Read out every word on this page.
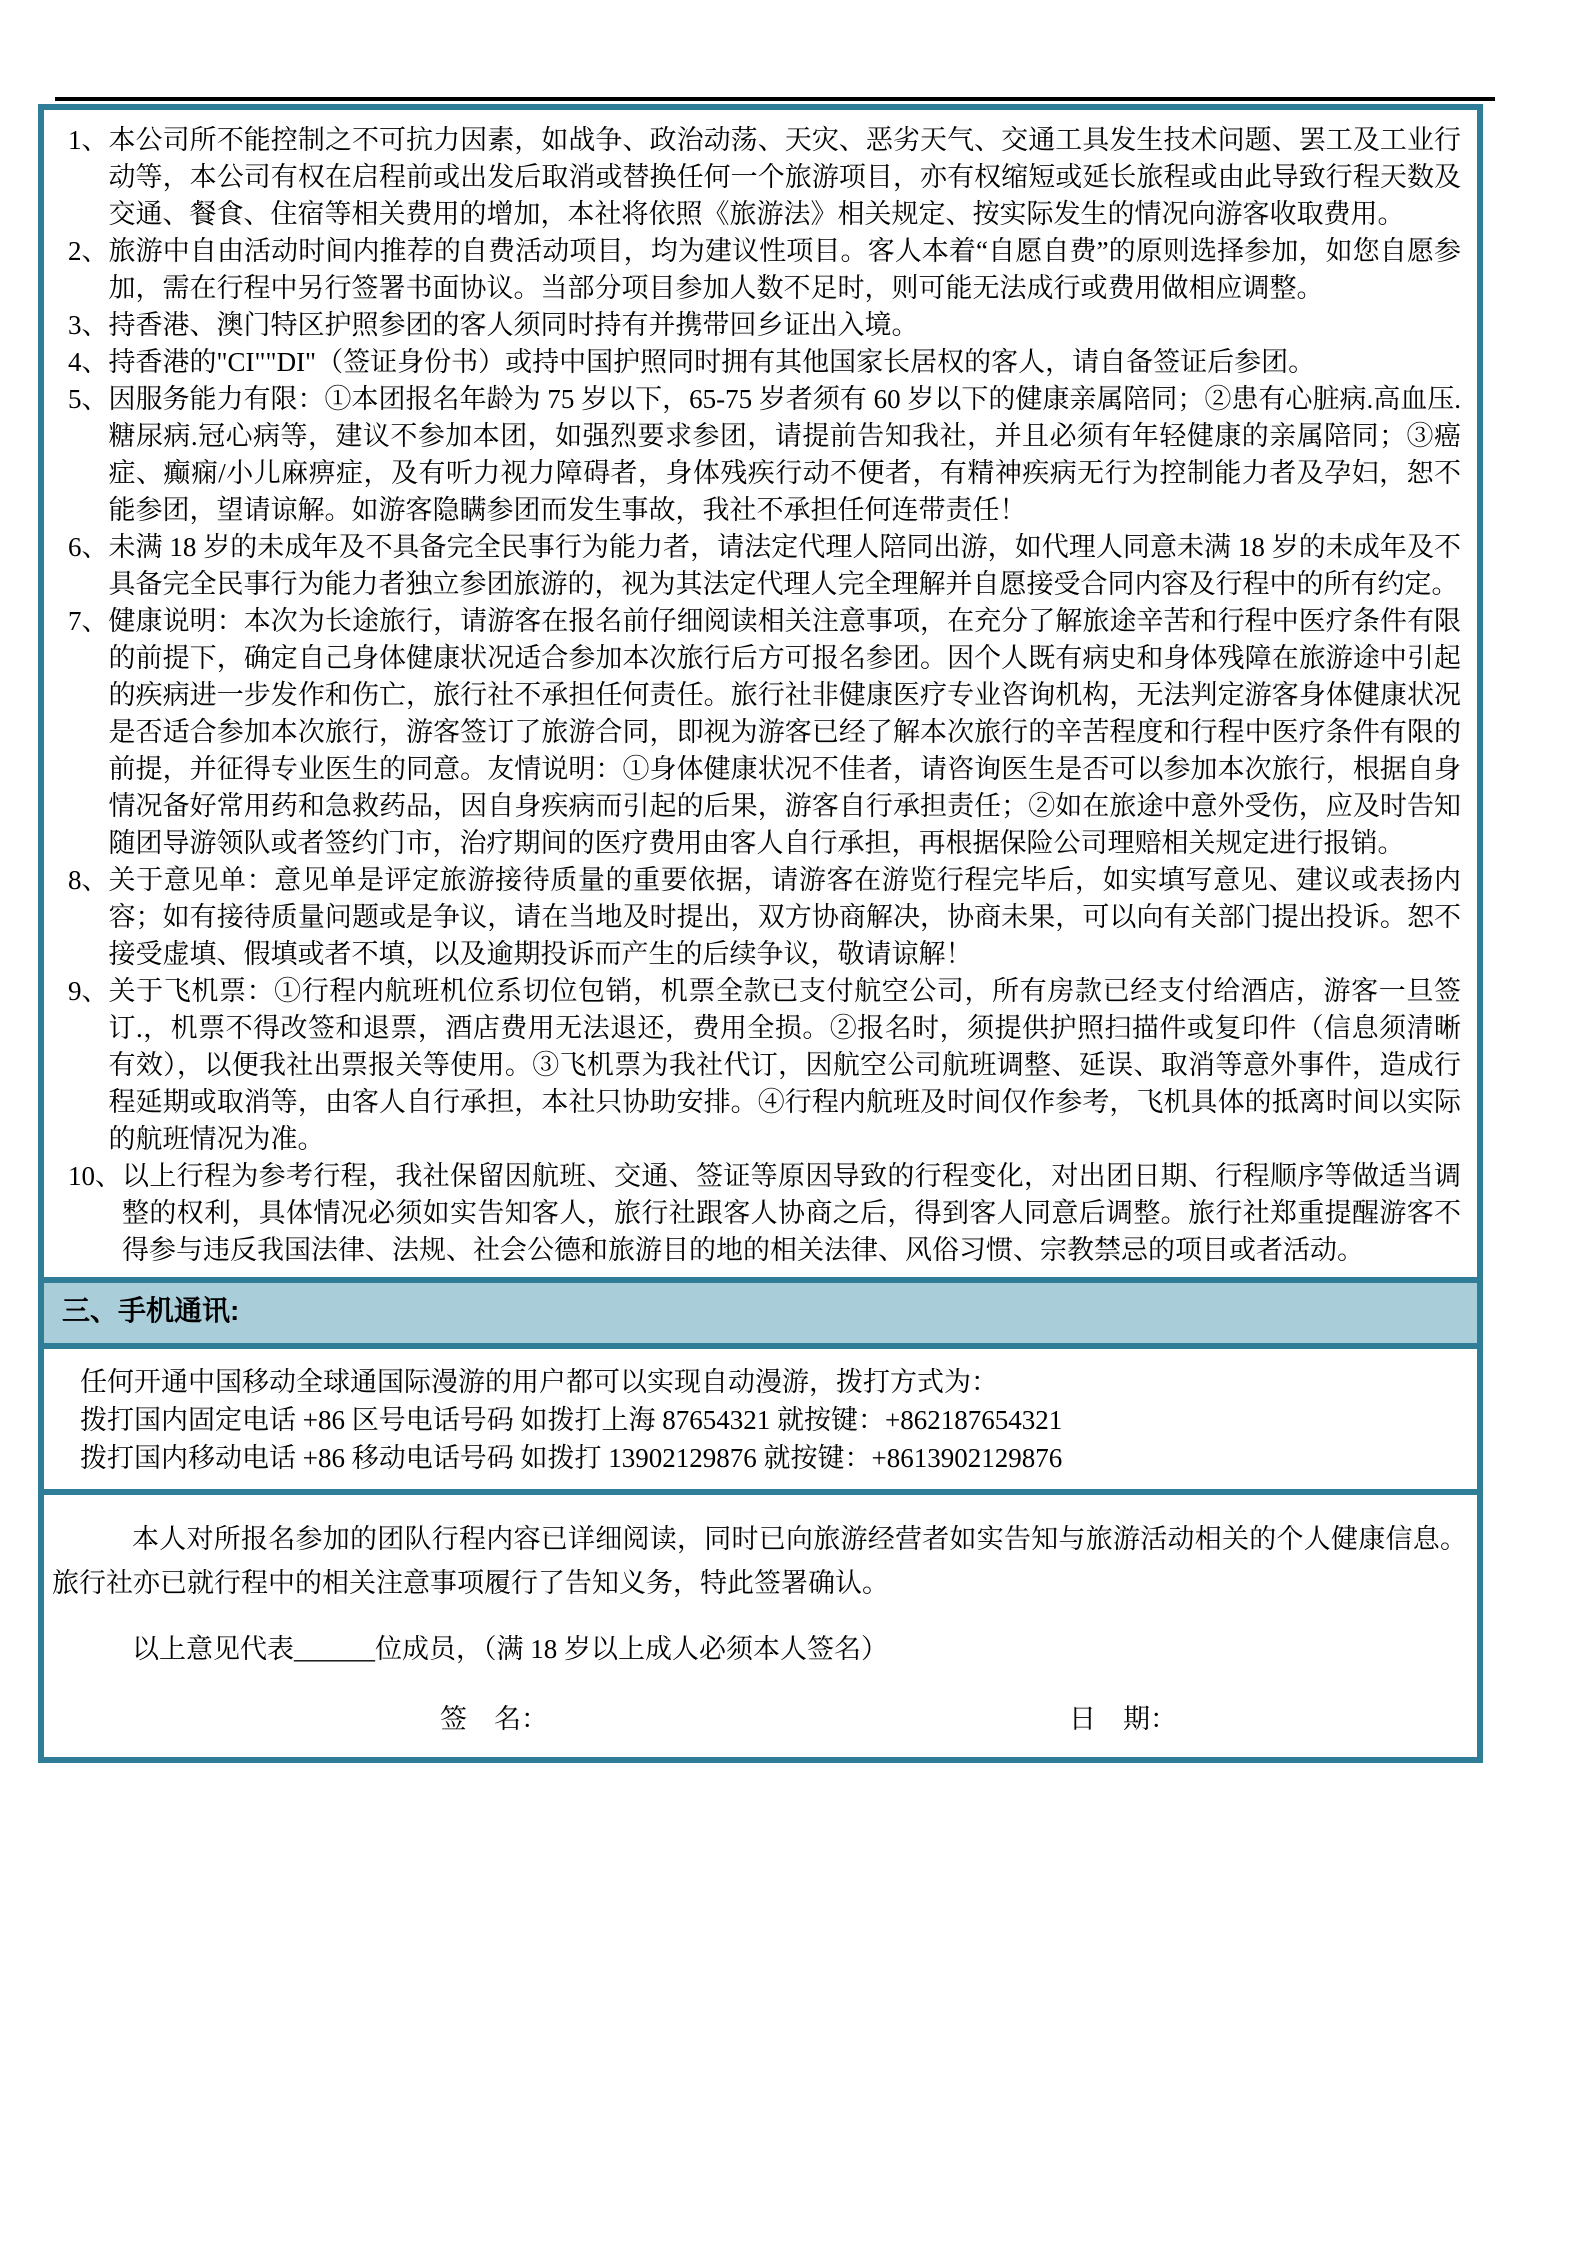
1、 本公司所不能控制之不可抗力因素，如战争、政治动荡、天灾、恶劣天气、交通工具发生技术问题、罢工及工业行动等，本公司有权在启程前或出发后取消或替换任何一个旅游项目，亦有权缩短或延长旅程或由此导致行程天数及交通、餐食、住宿等相关费用的增加，本社将依照《旅游法》相关规定、按实际发生的情况向游客收取费用。
2、 旅游中自由活动时间内推荐的自费活动项目，均为建议性项目。客人本着“自愿自费”的原则选择参加，如您自愿参加，需在行程中另行签署书面协议。当部分项目参加人数不足时，则可能无法成行或费用做相应调整。
3、 持香港、澳门特区护照参团的客人须同时持有并携带回乡证出入境。
4、 持香港的"CI""DI"（签证身份书）或持中国护照同时拥有其他国家长居权的客人，请自备签证后参团。
5、 因服务能力有限：①本团报名年龄为 75 岁以下，65-75 岁者须有 60 岁以下的健康亲属陪同；②患有心脏病.高血压.糖尿病.冠心病等，建议不参加本团，如强烈要求参团，请提前告知我社，并且必须有年轻健康的亲属陪同；③癌症、癫痫/小儿麻痹症，及有听力视力障碍者，身体残疾行动不便者，有精神疾病无行为控制能力者及孕妇，恕不能参团，望请谅解。如游客隐瞒参团而发生事故，我社不承担任何连带责任！
6、 未满 18 岁的未成年及不具备完全民事行为能力者，请法定代理人陪同出游，如代理人同意未满 18 岁的未成年及不具备完全民事行为能力者独立参团旅游的，视为其法定代理人完全理解并自愿接受合同内容及行程中的所有约定。
7、 健康说明：本次为长途旅行，请游客在报名前仔细阅读相关注意事项，在充分了解旅途辛苦和行程中医疗条件有限的前提下，确定自己身体健康状况适合参加本次旅行后方可报名参团。因个人既有病史和身体残障在旅游途中引起的疾病进一步发作和伤亡，旅行社不承担任何责任。旅行社非健康医疗专业咨询机构，无法判定游客身体健康状况是否适合参加本次旅行，游客签订了旅游合同，即视为游客已经了解本次旅行的辛苦程度和行程中医疗条件有限的前提，并征得专业医生的同意。友情说明：①身体健康状况不佳者，请咨询医生是否可以参加本次旅行，根据自身情况备好常用药和急救药品，因自身疾病而引起的后果，游客自行承担责任；②如在旅途中意外受伤，应及时告知随团导游领队或者签约门市，治疗期间的医疗费用由客人自行承担，再根据保险公司理赔相关规定进行报销。
8、 关于意见单：意见单是评定旅游接待质量的重要依据，请游客在游览行程完毕后，如实填写意见、建议或表扬内容；如有接待质量问题或是争议，请在当地及时提出，双方协商解决，协商未果，可以向有关部门提出投诉。恕不接受虚填、假填或者不填，以及逾期投诉而产生的后续争议，敬请谅解！
9、 关于飞机票：①行程内航班机位系切位包销，机票全款已支付航空公司，所有房款已经支付给酒店，游客一旦签订.，机票不得改签和退票，酒店费用无法退还，费用全损。②报名时，须提供护照扫描件或复印件（信息须清晰有效），以便我社出票报关等使用。③飞机票为我社代订，因航空公司航班调整、延误、取消等意外事件，造成行程延期或取消等，由客人自行承担，本社只协助安排。④行程内航班及时间仅作参考，飞机具体的抵离时间以实际的航班情况为准。
10、 以上行程为参考行程，我社保留因航班、交通、签证等原因导致的行程变化，对出团日期、行程顺序等做适当调整的权利，具体情况必须如实告知客人，旅行社跟客人协商之后，得到客人同意后调整。旅行社郑重提醒游客不得参与违反我国法律、法规、社会公德和旅游目的地的相关法律、风俗习惯、宗教禁忌的项目或者活动。
三、手机通讯:
任何开通中国移动全球通国际漫游的用户都可以实现自动漫游，拨打方式为：
拨打国内固定电话 +86 区号电话号码 如拨打上海 87654321 就按键：+862187654321
拨打国内移动电话 +86 移动电话号码 如拨打 13902129876 就按键：+8613902129876

本人对所报名参加的团队行程内容已详细阅读，同时已向旅游经营者如实告知与旅游活动相关的个人健康信息。旅行社亦已就行程中的相关注意事项履行了告知义务，特此签署确认。

以上意见代表______位成员，（满 18 岁以上成人必须本人签名）
签　名：	日　期：
